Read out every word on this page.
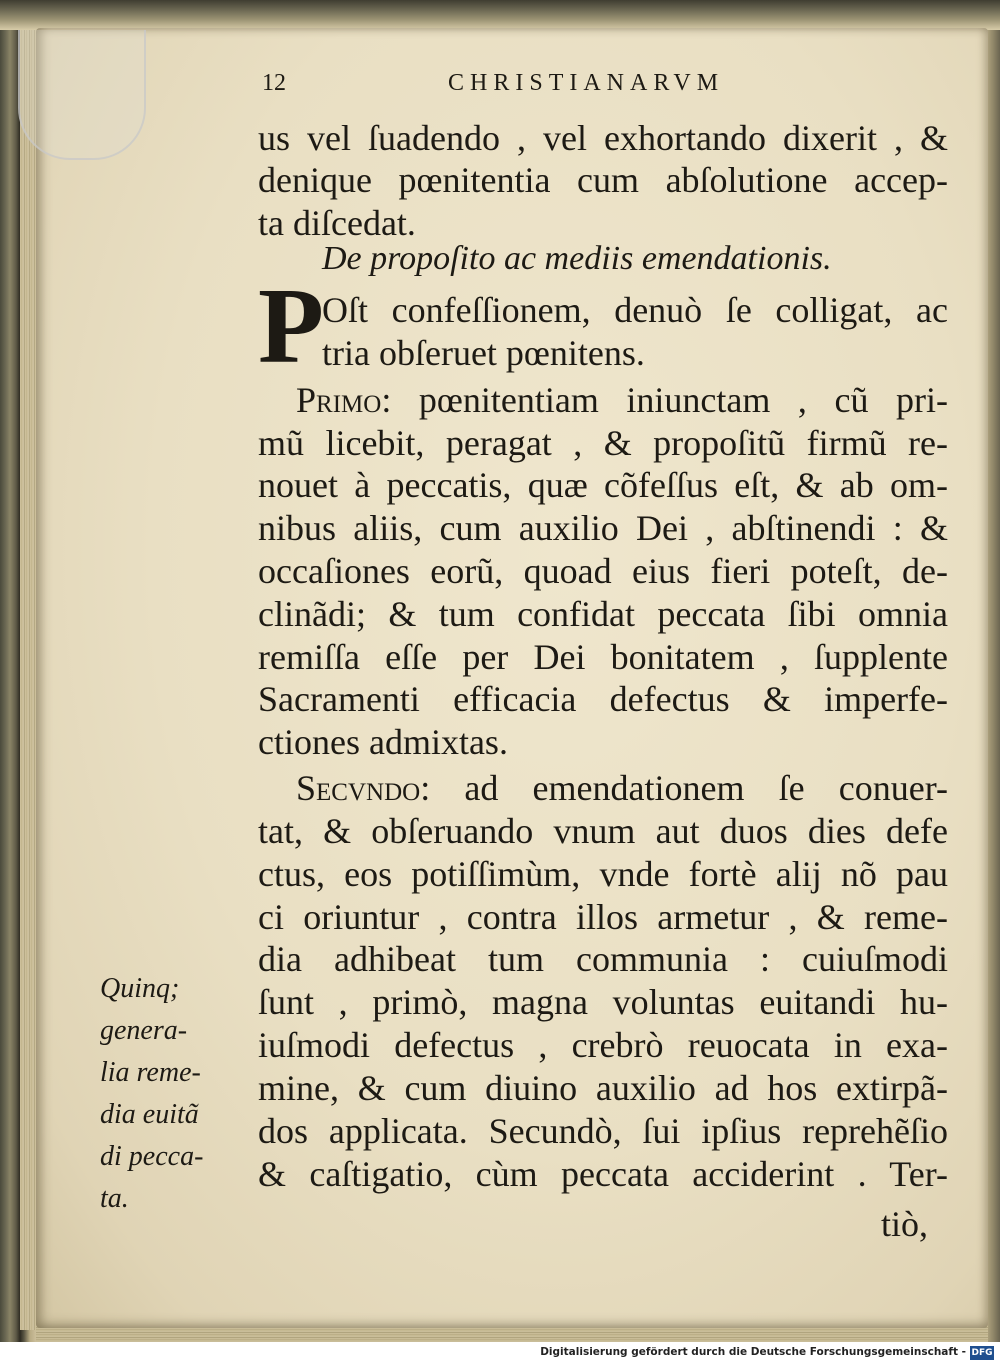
12	CHRISTIANARVM
us vel ſuadendo , vel exhortando dixerit , &
denique pœnitentia cum abſolutione accep-
ta diſcedat.
De propoſito ac mediis emendationis.
P
Oſt confeſſionem, denuò ſe colligat, ac
tria obſeruet pœnitens.
Primo: pœnitentiam iniunctam , cũ pri-
mũ licebit, peragat , & propoſitũ firmũ re-
nouet à peccatis, quæ cõfeſſus eſt, & ab om-
nibus aliis, cum auxilio Dei , abſtinendi : &
occaſiones eorũ, quoad eius fieri poteſt, de-
clinãdi; & tum confidat peccata ſibi omnia
remiſſa eſſe per Dei bonitatem , ſupplente
Sacramenti efficacia defectus & imperfe-
ctiones admixtas.
Secvndo: ad emendationem ſe conuer-
tat, & obſeruando vnum aut duos dies defe
ctus, eos potiſſimùm, vnde fortè alij nõ pau
ci oriuntur , contra illos armetur , & reme-
dia adhibeat tum communia : cuiuſmodi
ſunt , primò, magna voluntas euitandi hu-
iuſmodi defectus , crebrò reuocata in exa-
mine, & cum diuino auxilio ad hos extirpã-
dos applicata. Secundò, ſui ipſius reprehẽſio
& caſtigatio, cùm peccata acciderint . Ter-
tiò,
Quinq;
genera-
lia reme-
dia euitã
di pecca-
ta.
Digitalisierung gefördert durch die Deutsche Forschungsgemeinschaft - DFG
